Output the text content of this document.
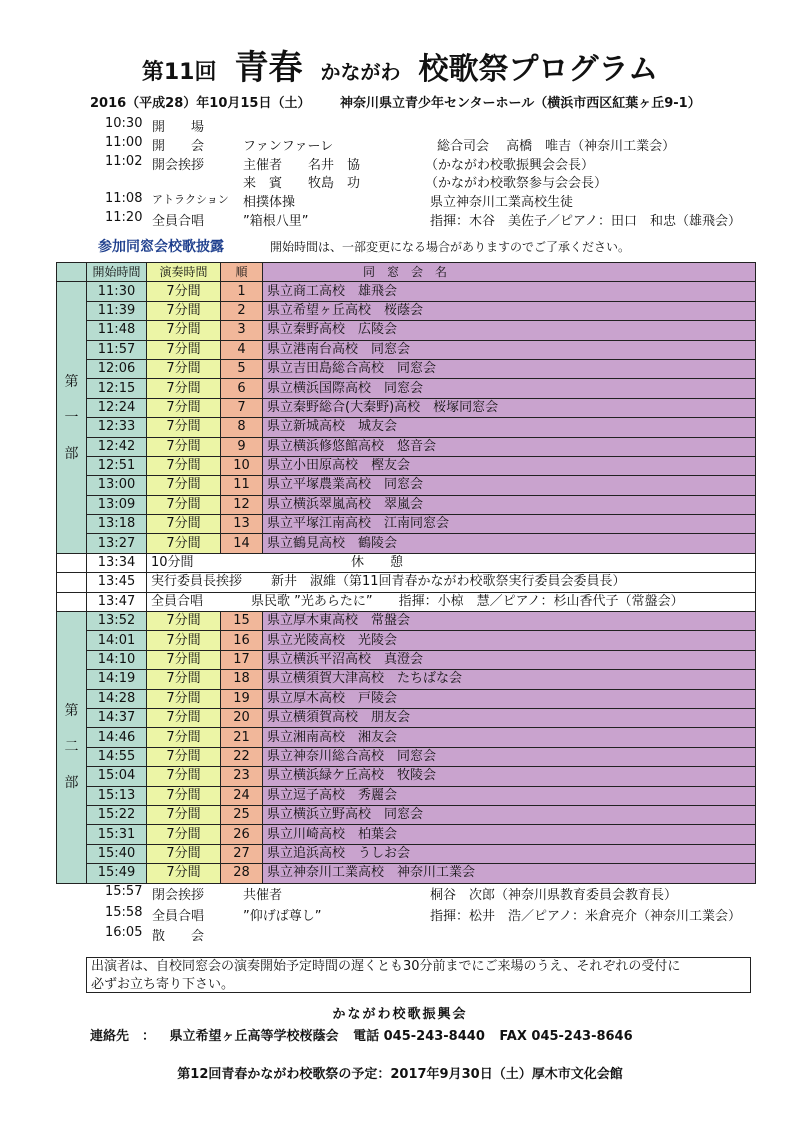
第11回 青春 かながわ 校歌祭プログラム
2016（平成28）年10月15日（土） 神奈川県立青少年センターホール（横浜市西区紅葉ヶ丘9-1）
10:30 開　　場
11:00 開　　会	ファンファーレ	総合司会　 高橋　唯吉（神奈川工業会）
11:02 開会挨拶	主催者　　名井　協	（かながわ校歌振興会会長）
来　賓　　牧島　功	（かながわ校歌祭参与会会長）
11:08 アトラクション 相撲体操	県立神奈川工業高校生徒
11:20 全員合唱	”箱根八里”	指揮：木谷　美佐子／ピアノ：田口　和忠（雄飛会）
参加同窓会校歌披露	開始時間は、一部変更になる場合がありますのでご了承ください。
	開始時間	演奏時間	順	同　窓　会　名

第
一
部	11:30	7分間	1	県立商工高校　雄飛会
	11:39	7分間	2	県立希望ヶ丘高校　桜蔭会
	11:48	7分間	3	県立秦野高校　広陵会
	11:57	7分間	4	県立港南台高校　同窓会
	12:06	7分間	5	県立吉田島総合高校　同窓会
	12:15	7分間	6	県立横浜国際高校　同窓会
	12:24	7分間	7	県立秦野総合(大秦野)高校　桜塚同窓会
	12:33	7分間	8	県立新城高校　城友会
	12:42	7分間	9	県立横浜修悠館高校　悠音会
	12:51	7分間	10	県立小田原高校　樫友会
	13:00	7分間	11	県立平塚農業高校　同窓会
	13:09	7分間	12	県立横浜翠嵐高校　翠嵐会
	13:18	7分間	13	県立平塚江南高校　江南同窓会
	13:27	7分間	14	県立鶴見高校　鶴陵会
	13:34	10分間 休　　憩		
	13:45	実行委員長挨拶 新井　淑維（第11回青春かながわ校歌祭実行委員会委員長）		
	13:47	全員合唱 県民歌 ”光あらたに”　　指揮：小椋　慧／ピアノ：杉山香代子（常盤会）		

第
二
部	13:52	7分間	15	県立厚木東高校　常盤会
	14:01	7分間	16	県立光陵高校　光陵会
	14:10	7分間	17	県立横浜平沼高校　真澄会
	14:19	7分間	18	県立横須賀大津高校　たちばな会
	14:28	7分間	19	県立厚木高校　戸陵会
	14:37	7分間	20	県立横須賀高校　朋友会
	14:46	7分間	21	県立湘南高校　湘友会
	14:55	7分間	22	県立神奈川総合高校　同窓会
	15:04	7分間	23	県立横浜緑ケ丘高校　牧陵会
	15:13	7分間	24	県立逗子高校　秀麗会
	15:22	7分間	25	県立横浜立野高校　同窓会
	15:31	7分間	26	県立川崎高校　柏葉会
	15:40	7分間	27	県立追浜高校　うしお会
	15:49	7分間	28	県立神奈川工業高校　神奈川工業会
15:57 閉会挨拶	共催者	桐谷　次郎（神奈川県教育委員会教育長）
15:58 全員合唱	”仰げば尊し”	指揮：松井　浩／ピアノ：米倉亮介（神奈川工業会）
16:05 散　　会
出演者は、自校同窓会の演奏開始予定時間の遅くとも30分前までにご来場のうえ、それぞれの受付に
必ずお立ち寄り下さい。
かながわ校歌振興会
連絡先　： 県立希望ヶ丘高等学校桜蔭会 電話 045-243-8440 FAX 045-243-8646
第12回青春かながわ校歌祭の予定：2017年9月30日（土）厚木市文化会館
